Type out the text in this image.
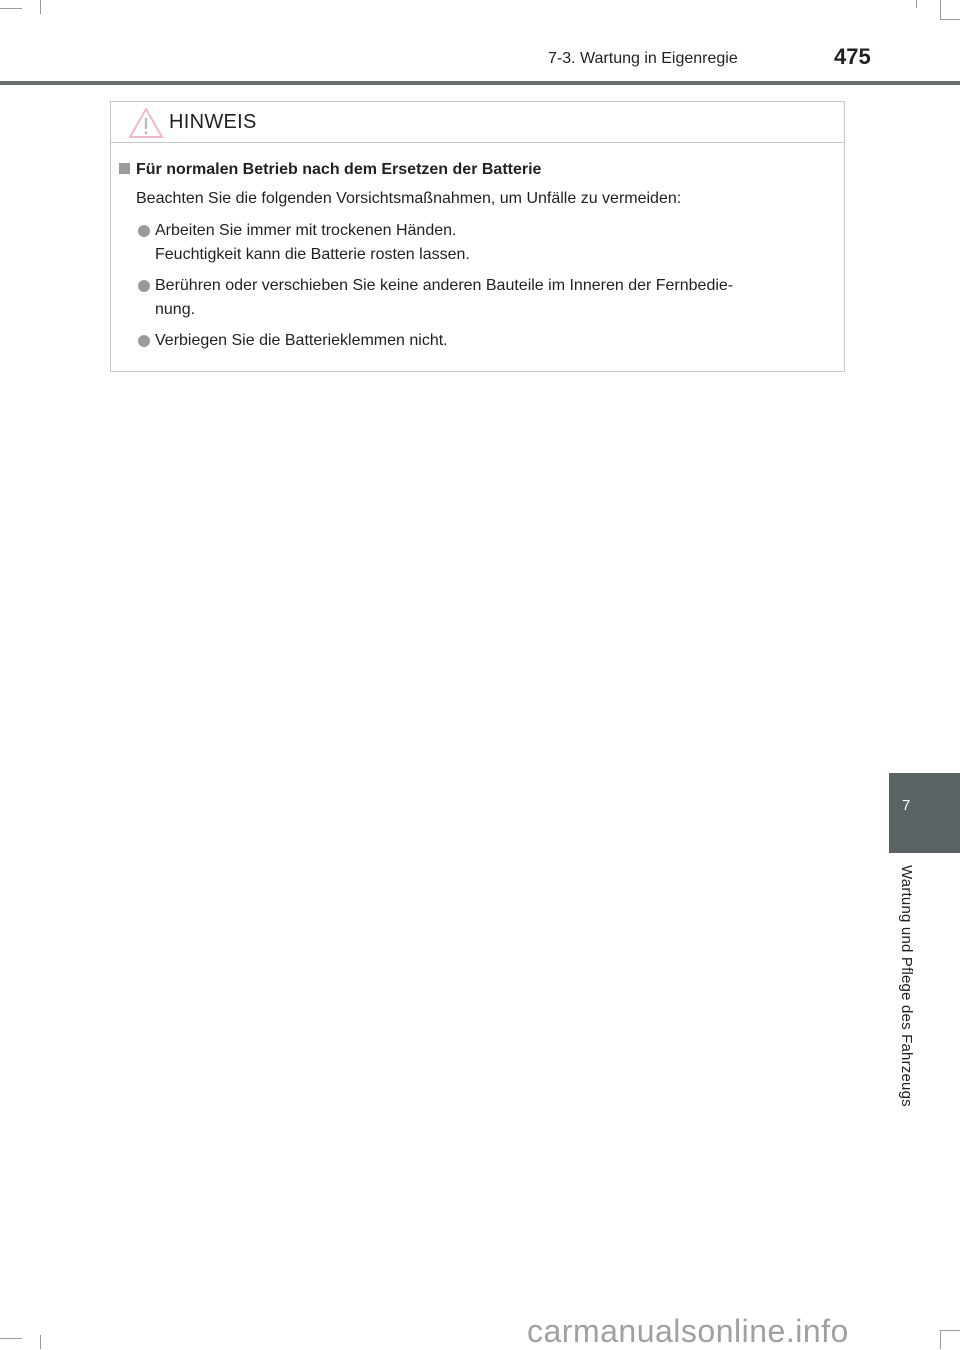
7-3. Wartung in Eigenregie	475
HINWEIS
Für normalen Betrieb nach dem Ersetzen der Batterie
Beachten Sie die folgenden Vorsichtsmaßnahmen, um Unfälle zu vermeiden:
Arbeiten Sie immer mit trockenen Händen.
Feuchtigkeit kann die Batterie rosten lassen.
Berühren oder verschieben Sie keine anderen Bauteile im Inneren der Fernbedie-
nung.
Verbiegen Sie die Batterieklemmen nicht.
7
Wartung und Pflege des Fahrzeugs
carmanualsonline.info
